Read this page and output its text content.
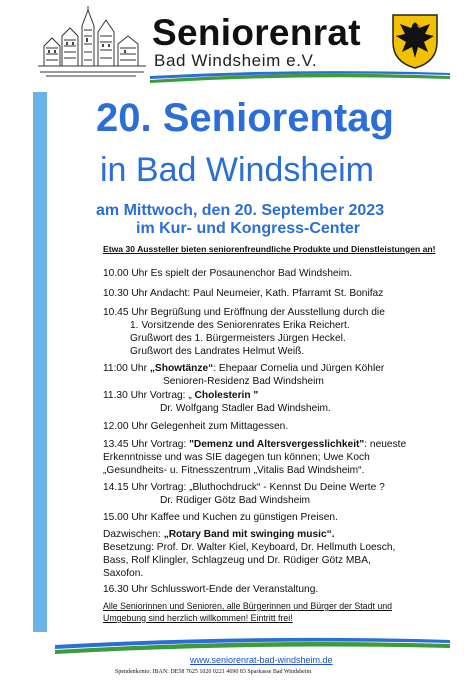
Seniorenrat
Bad Windsheim e.V.
20. Seniorentag
in Bad Windsheim
am Mittwoch, den 20. September 2023
im Kur- und Kongress-Center
Etwa 30 Aussteller bieten seniorenfreundliche Produkte und Dienstleistungen an!
10.00 Uhr Es spielt der Posaunenchor Bad Windsheim.
10.30 Uhr Andacht: Paul Neumeier, Kath. Pfarramt St. Bonifaz
10.45 Uhr Begrüßung und Eröffnung der Ausstellung durch die
1. Vorsitzende des Seniorenrates Erika Reichert.
Grußwort des 1. Bürgermeisters Jürgen Heckel.
Grußwort des Landrates Helmut Weiß.
11:00 Uhr „Showtänze“: Ehepaar Cornelia und Jürgen Köhler
Senioren-Residenz Bad Windsheim
11.30 Uhr Vortrag: „ Cholesterin "
Dr. Wolfgang Stadler Bad Windsheim.
12.00 Uhr Gelegenheit zum Mittagessen.
13.45 Uhr Vortrag: "Demenz und Altersvergesslichkeit": neueste
Erkenntnisse und was SIE dagegen tun können; Uwe Koch
„Gesundheits- u. Fitnesszentrum „Vitalis Bad Windsheim“.
14.15 Uhr Vortrag: „Bluthochdruck“ - Kennst Du Deine Werte ?
Dr. Rüdiger Götz Bad Windsheim
15.00 Uhr Kaffee und Kuchen zu günstigen Preisen.
Dazwischen: „Rotary Band mit swinging music“.
Besetzung: Prof. Dr. Walter Kiel, Keyboard, Dr. Hellmuth Loesch,
Bass, Rolf Klingler, Schlagzeug und Dr. Rüdiger Götz MBA,
Saxofon.
16.30 Uhr Schlusswort-Ende der Veranstaltung.
Alle Seniorinnen und Senioren, alle Bürgerinnen und Bürger der Stadt und
Umgebung sind herzlich willkommen! Eintritt frei!
www.seniorenrat-bad-windsheim.de
Spendenkonto: IBAN: DE58 7625 1020 0221 4690 83 Sparkasse Bad Windsheim
